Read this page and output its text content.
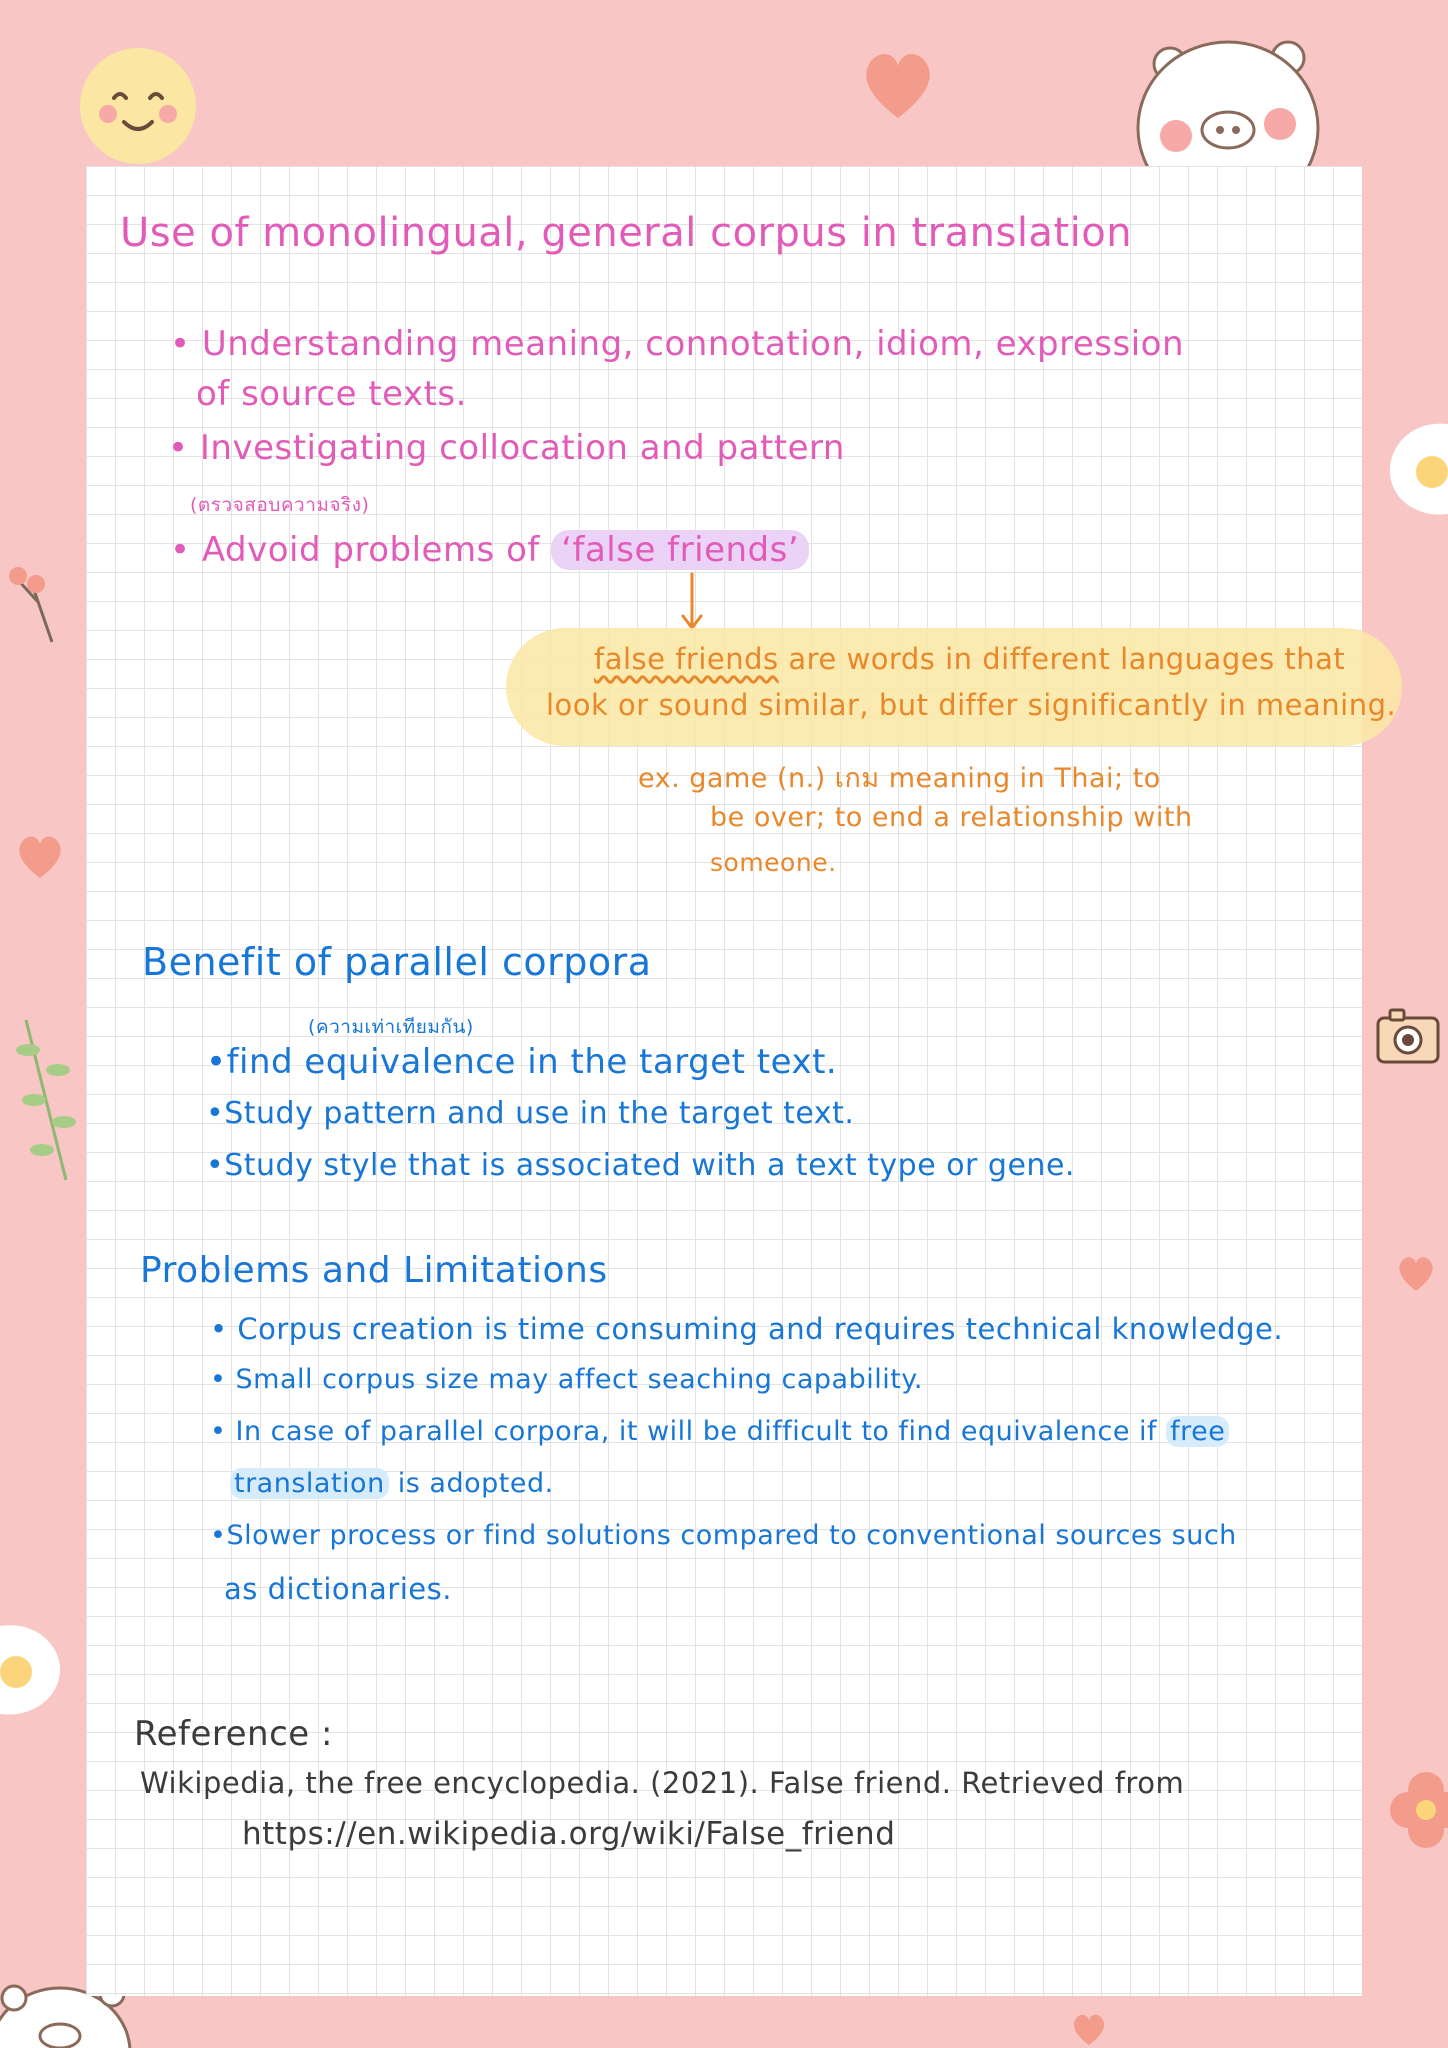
Use of monolingual, general corpus in translation
• Understanding meaning, connotation, idiom, expression
of source texts.
• Investigating collocation and pattern
(ตรวจสอบความจริง)
• Advoid problems of ‘false friends’
false friends are words in different languages that
look or sound similar, but differ significantly in meaning.
ex. game (n.) เกม meaning in Thai; to
be over; to end a relationship with
someone.
Benefit of parallel corpora
(ความเท่าเทียมกัน)
•find equivalence in the target text.
•Study pattern and use in the target text.
•Study style that is associated with a text type or gene.
Problems and Limitations
• Corpus creation is time consuming and requires technical knowledge.
• Small corpus size may affect seaching capability.
• In case of parallel corpora, it will be difficult to find equivalence if free
translation is adopted.
•Slower process or find solutions compared to conventional sources such
as dictionaries.
Reference :
Wikipedia, the free encyclopedia. (2021). False friend. Retrieved from
https://en.wikipedia.org/wiki/False_friend
